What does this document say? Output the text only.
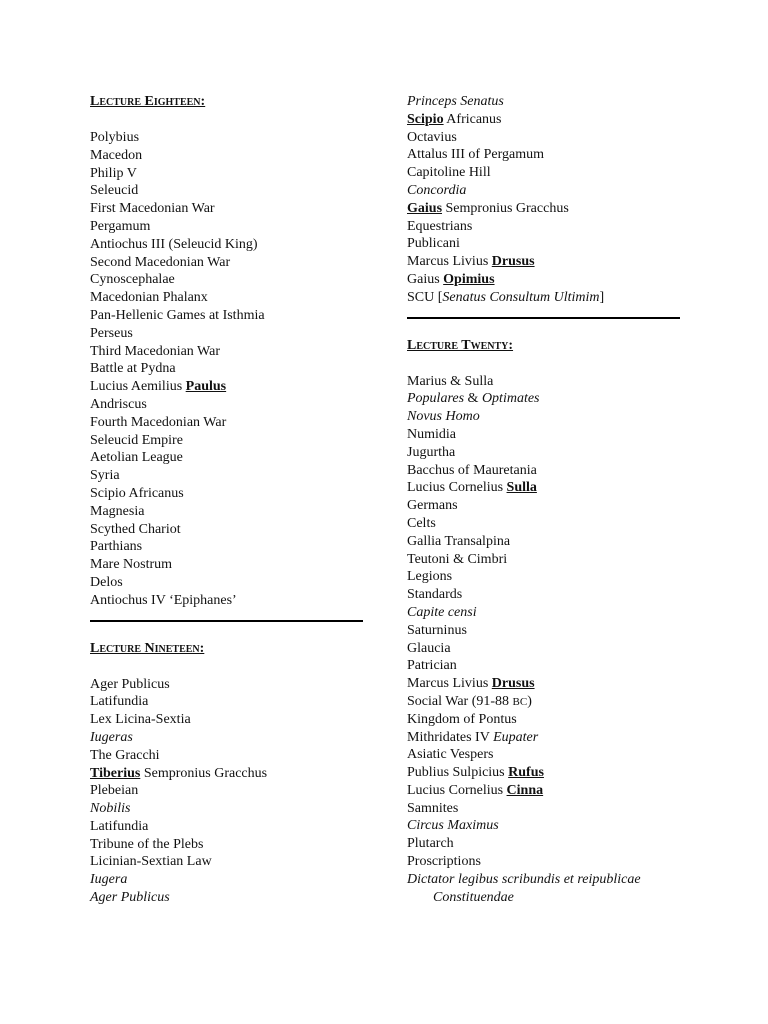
Lecture Eighteen:
Polybius
Macedon
Philip V
Seleucid
First Macedonian War
Pergamum
Antiochus III (Seleucid King)
Second Macedonian War
Cynoscephalae
Macedonian Phalanx
Pan-Hellenic Games at Isthmia
Perseus
Third Macedonian War
Battle at Pydna
Lucius Aemilius Paulus
Andriscus
Fourth Macedonian War
Seleucid Empire
Aetolian League
Syria
Scipio Africanus
Magnesia
Scythed Chariot
Parthians
Mare Nostrum
Delos
Antiochus IV ‘Epiphanes’
Lecture Nineteen:
Ager Publicus
Latifundia
Lex Licina-Sextia
Iugeras
The Gracchi
Tiberius Sempronius Gracchus
Plebeian
Nobilis
Latifundia
Tribune of the Plebs
Licinian-Sextian Law
Iugera
Ager Publicus
Princeps Senatus
Scipio Africanus
Octavius
Attalus III of Pergamum
Capitoline Hill
Concordia
Gaius Sempronius Gracchus
Equestrians
Publicani
Marcus Livius Drusus
Gaius Opimius
SCU [Senatus Consultum Ultimim]
Lecture Twenty:
Marius & Sulla
Populares & Optimates
Novus Homo
Numidia
Jugurtha
Bacchus of Mauretania
Lucius Cornelius Sulla
Germans
Celts
Gallia Transalpina
Teutoni & Cimbri
Legions
Standards
Capite censi
Saturninus
Glaucia
Patrician
Marcus Livius Drusus
Social War (91-88 BC)
Kingdom of Pontus
Mithridates IV Eupater
Asiatic Vespers
Publius Sulpicius Rufus
Lucius Cornelius Cinna
Samnites
Circus Maximus
Plutarch
Proscriptions
Dictator legibus scribundis et reipublicae
Constituendae
